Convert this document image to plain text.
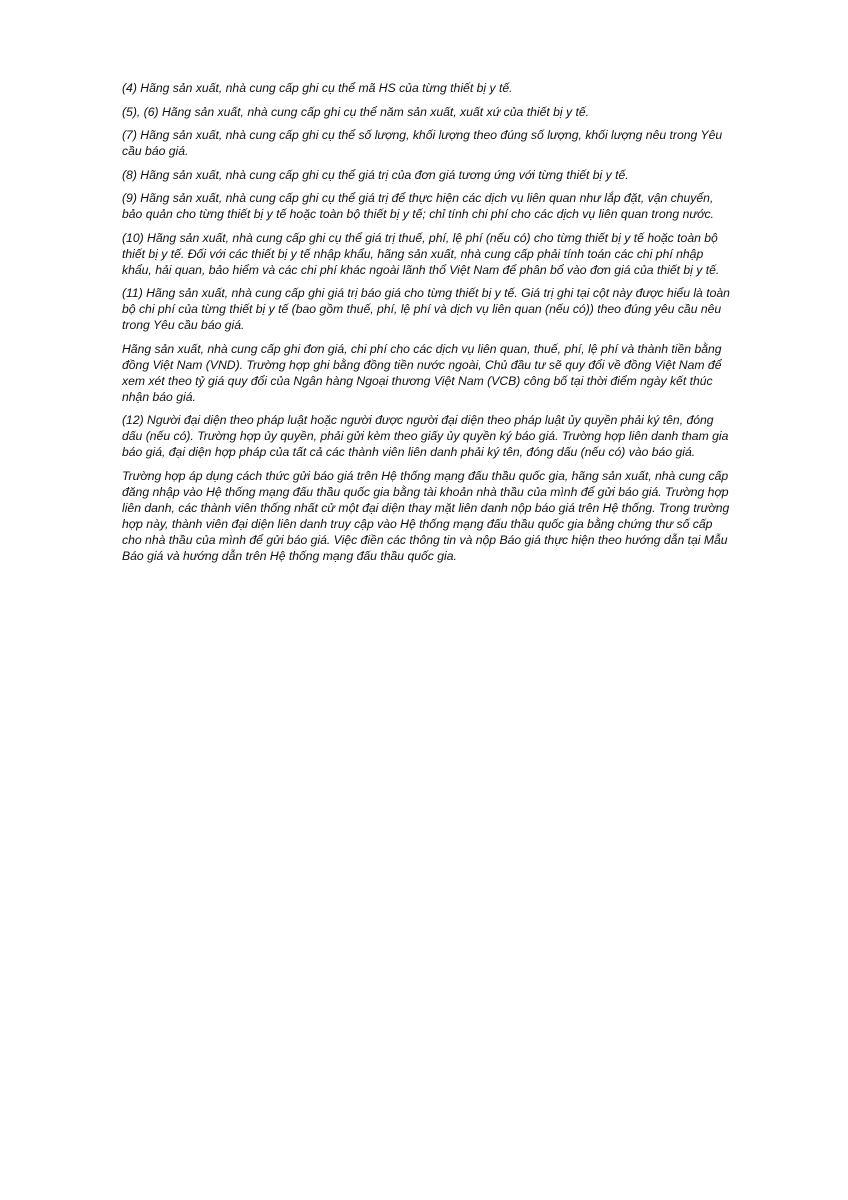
(4) Hãng sản xuất, nhà cung cấp ghi cụ thể mã HS của từng thiết bị y tế.

(5), (6) Hãng sản xuất, nhà cung cấp ghi cụ thể năm sản xuất, xuất xứ của thiết bị y tế.

(7) Hãng sản xuất, nhà cung cấp ghi cụ thể số lượng, khối lượng theo đúng số lượng, khối lượng nêu trong Yêu
cầu báo giá.

(8) Hãng sản xuất, nhà cung cấp ghi cụ thể giá trị của đơn giá tương ứng với từng thiết bị y tế.

(9) Hãng sản xuất, nhà cung cấp ghi cụ thể giá trị để thực hiện các dịch vụ liên quan như lắp đặt, vận chuyển,
bảo quản cho từng thiết bị y tế hoặc toàn bộ thiết bị y tế; chỉ tính chi phí cho các dịch vụ liên quan trong nước.

(10) Hãng sản xuất, nhà cung cấp ghi cụ thể giá trị thuế, phí, lệ phí (nếu có) cho từng thiết bị y tế hoặc toàn bộ
thiết bị y tế. Đối với các thiết bị y tế nhập khẩu, hãng sản xuất, nhà cung cấp phải tính toán các chi phí nhập
khẩu, hải quan, bảo hiểm và các chi phí khác ngoài lãnh thổ Việt Nam để phân bổ vào đơn giá của thiết bị y tế.

(11) Hãng sản xuất, nhà cung cấp ghi giá trị báo giá cho từng thiết bị y tế. Giá trị ghi tại cột này được hiểu là toàn
bộ chi phí của từng thiết bị y tế (bao gồm thuế, phí, lệ phí và dịch vụ liên quan (nếu có)) theo đúng yêu cầu nêu
trong Yêu cầu báo giá.

Hãng sản xuất, nhà cung cấp ghi đơn giá, chi phí cho các dịch vụ liên quan, thuế, phí, lệ phí và thành tiền bằng
đồng Việt Nam (VND). Trường hợp ghi bằng đồng tiền nước ngoài, Chủ đầu tư sẽ quy đổi về đồng Việt Nam để
xem xét theo tỷ giá quy đổi của Ngân hàng Ngoại thương Việt Nam (VCB) công bố tại thời điểm ngày kết thúc
nhận báo giá.

(12) Người đại diện theo pháp luật hoặc người được người đại diện theo pháp luật ủy quyền phải ký tên, đóng
dấu (nếu có). Trường hợp ủy quyền, phải gửi kèm theo giấy ủy quyền ký báo giá. Trường hợp liên danh tham gia
báo giá, đại diện hợp pháp của tất cả các thành viên liên danh phải ký tên, đóng dấu (nếu có) vào báo giá.

Trường hợp áp dụng cách thức gửi báo giá trên Hệ thống mạng đấu thầu quốc gia, hãng sản xuất, nhà cung cấp
đăng nhập vào Hệ thống mạng đấu thầu quốc gia bằng tài khoản nhà thầu của mình để gửi báo giá. Trường hợp
liên danh, các thành viên thống nhất cử một đại diện thay mặt liên danh nộp báo giá trên Hệ thống. Trong trường
hợp này, thành viên đại diện liên danh truy cập vào Hệ thống mạng đấu thầu quốc gia bằng chứng thư số cấp
cho nhà thầu của mình để gửi báo giá. Việc điền các thông tin và nộp Báo giá thực hiện theo hướng dẫn tại Mẫu
Báo giá và hướng dẫn trên Hệ thống mạng đấu thầu quốc gia.
